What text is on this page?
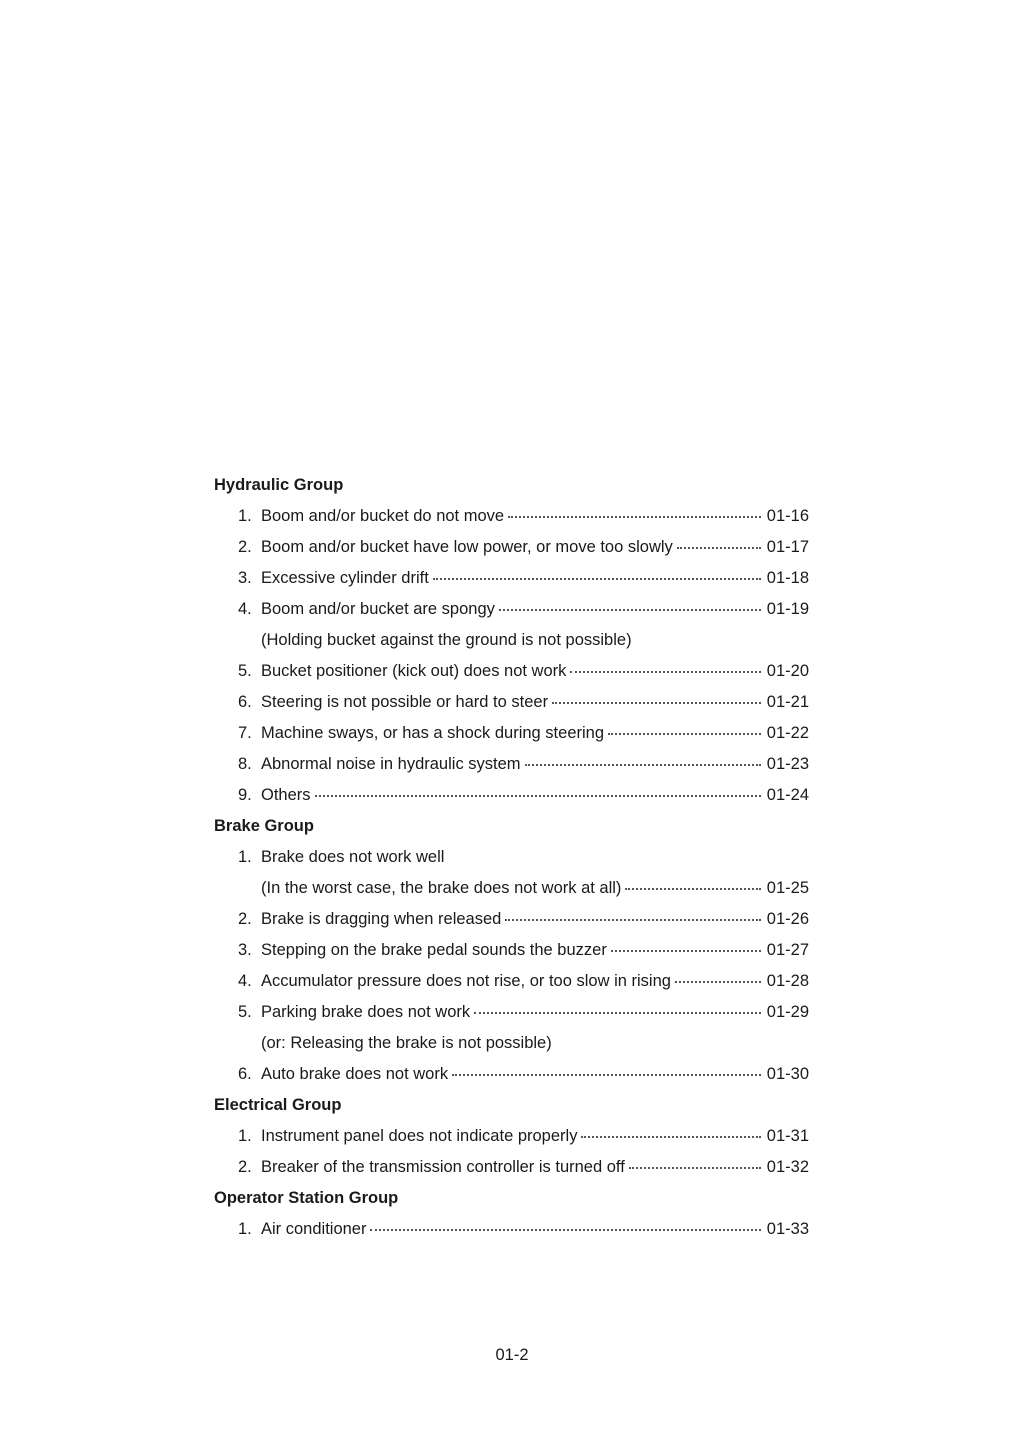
Hydraulic Group
1. Boom and/or bucket do not move	01-16
2. Boom and/or bucket have low power, or move too slowly	01-17
3. Excessive cylinder drift	01-18
4. Boom and/or bucket are spongy	01-19
(Holding bucket against the ground is not possible)
5. Bucket positioner (kick out) does not work	01-20
6. Steering is not possible or hard to steer	01-21
7. Machine sways, or has a shock during steering	01-22
8. Abnormal noise in hydraulic system	01-23
9. Others	01-24
Brake Group
1. Brake does not work well
(In the worst case, the brake does not work at all)	01-25
2. Brake is dragging when released	01-26
3. Stepping on the brake pedal sounds the buzzer	01-27
4. Accumulator pressure does not rise, or too slow in rising	01-28
5. Parking brake does not work	01-29
(or: Releasing the brake is not possible)
6. Auto brake does not work	01-30
Electrical Group
1. Instrument panel does not indicate properly	01-31
2. Breaker of the transmission controller is turned off	01-32
Operator Station Group
1. Air conditioner	01-33
01-2
